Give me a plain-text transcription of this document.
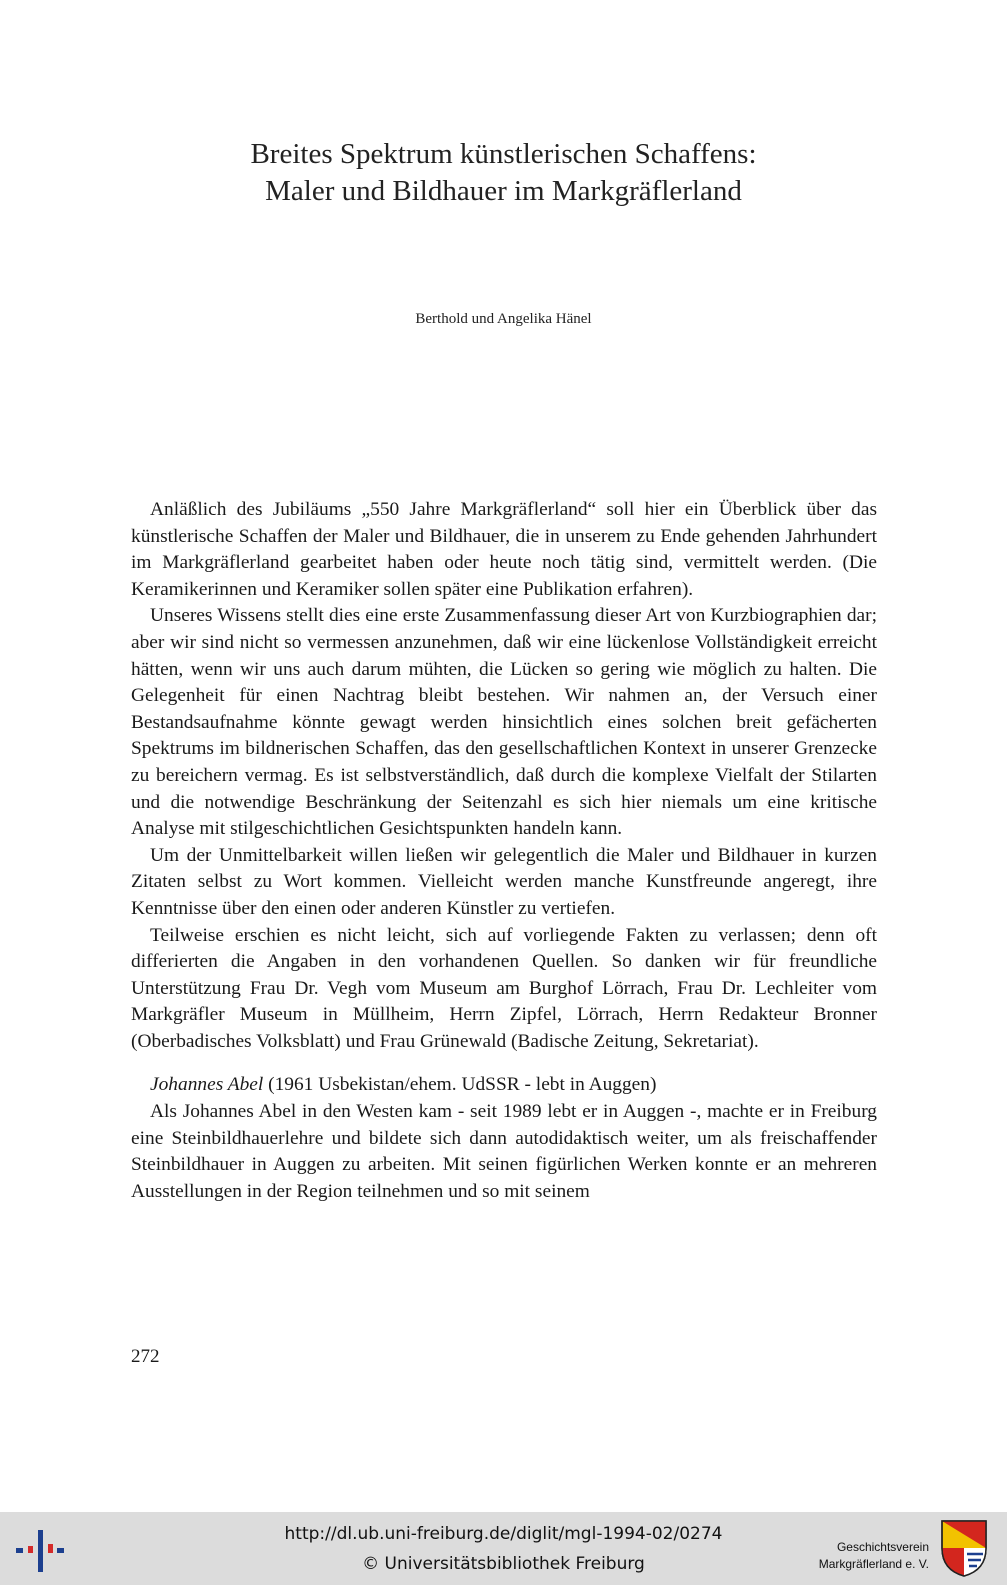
Breites Spektrum künstlerischen Schaffens:
Maler und Bildhauer im Markgräflerland
Berthold und Angelika Hänel

Anläßlich des Jubiläums „550 Jahre Markgräflerland“ soll hier ein Überblick über das künstlerische Schaffen der Maler und Bildhauer, die in unserem zu Ende gehenden Jahrhundert im Markgräflerland gearbeitet haben oder heute noch tätig sind, vermittelt werden. (Die Keramikerinnen und Keramiker sollen später eine Publikation erfahren).

Unseres Wissens stellt dies eine erste Zusammenfassung dieser Art von Kurzbiographien dar; aber wir sind nicht so vermessen anzunehmen, daß wir eine lückenlose Vollständigkeit erreicht hätten, wenn wir uns auch darum mühten, die Lücken so gering wie möglich zu halten. Die Gelegenheit für einen Nachtrag bleibt bestehen. Wir nahmen an, der Versuch einer Bestandsaufnahme könnte gewagt werden hinsichtlich eines solchen breit gefächerten Spektrums im bildnerischen Schaffen, das den gesellschaftlichen Kontext in unserer Grenzecke zu bereichern vermag. Es ist selbstverständlich, daß durch die komplexe Vielfalt der Stilarten und die notwendige Beschränkung der Seitenzahl es sich hier niemals um eine kritische Analyse mit stilgeschichtlichen Gesichtspunkten handeln kann.

Um der Unmittelbarkeit willen ließen wir gelegentlich die Maler und Bildhauer in kurzen Zitaten selbst zu Wort kommen. Vielleicht werden manche Kunstfreunde angeregt, ihre Kenntnisse über den einen oder anderen Künstler zu vertiefen.

Teilweise erschien es nicht leicht, sich auf vorliegende Fakten zu verlassen; denn oft differierten die Angaben in den vorhandenen Quellen. So danken wir für freundliche Unterstützung Frau Dr. Vegh vom Museum am Burghof Lörrach, Frau Dr. Lechleiter vom Markgräfler Museum in Müllheim, Herrn Zipfel, Lörrach, Herrn Redakteur Bronner (Oberbadisches Volksblatt) und Frau Grünewald (Badische Zeitung, Sekretariat).

Johannes Abel (1961 Usbekistan/ehem. UdSSR - lebt in Auggen)

Als Johannes Abel in den Westen kam - seit 1989 lebt er in Auggen -, machte er in Freiburg eine Steinbildhauerlehre und bildete sich dann autodidaktisch weiter, um als freischaffender Steinbildhauer in Auggen zu arbeiten. Mit seinen figürlichen Werken konnte er an mehreren Ausstellungen in der Region teilnehmen und so mit seinem

272
http://dl.ub.uni-freiburg.de/diglit/mgl-1994-02/0274
© Universitätsbibliothek Freiburg
Geschichtsverein
Markgräflerland e. V.
